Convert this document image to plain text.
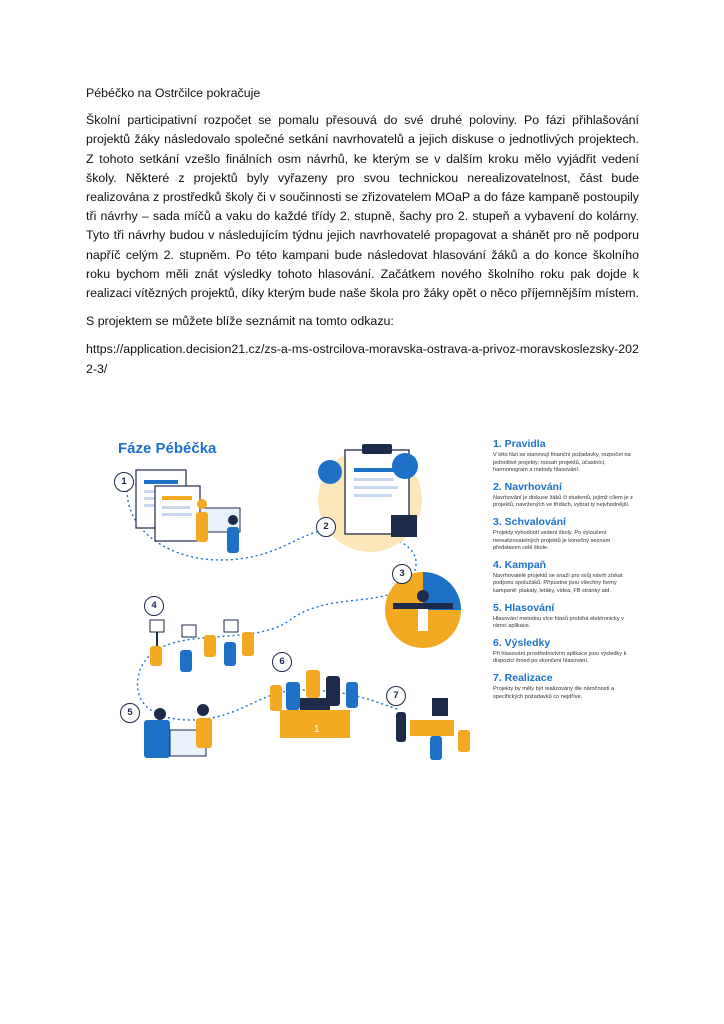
Pébéčko na Ostrčilce pokračuje

Školní participativní rozpočet se pomalu přesouvá do své druhé poloviny. Po fázi přihlašování projektů žáky následovalo společné setkání navrhovatelů a jejich diskuse o jednotlivých projektech. Z tohoto setkání vzešlo finálních osm návrhů, ke kterým se v dalším kroku mělo vyjádřit vedení školy. Některé z projektů byly vyřazeny pro svou technickou nerealizovatelnost, část bude realizována z prostředků školy či v součinnosti se zřizovatelem MOaP a do fáze kampaně postoupily tři návrhy – sada míčů a vaku do každé třídy 2. stupně, šachy pro 2. stupeň a vybavení do kolárny. Tyto tři návrhy budou v následujícím týdnu jejich navrhovatelé propagovat a shánět pro ně podporu napříč celým 2. stupněm. Po této kampani bude následovat hlasování žáků a do konce školního roku bychom měli znát výsledky tohoto hlasování. Začátkem nového školního roku pak dojde k realizaci vítězných projektů, díky kterým bude naše škola pro žáky opět o něco příjemnějším místem.

S projektem se můžete blíže seznámit na tomto odkazu:

https://application.decision21.cz/zs-a-ms-ostrcilova-moravska-ostrava-a-privoz-moravskoslezsky-2022-3/

1
Fáze Pébéčka
1
2
3
4
5
6
7
1. Pravidla
V této fázi se stanovují finanční požadavky, rozpočet na jednotlivé projekty, rozsah projektů, účastníci, harmonogram a metody hlasování.
2. Navrhování
Navrhování je diskuse žáků či studentů, jejímž cílem je z projektů, navržených ve třídách, vybrat ty nejvhodnější.
3. Schvalování
Projekty vyhodnotí vedení školy. Po vyloučení nerealizovatelných projektů je konečný seznam představen celé škole.
4. Kampaň
Navrhovatelé projektů se snaží pro svůj návrh získat podporu spolužáků. Přípustné jsou všechny formy kampaně: plakáty, letáky, videa, FB stránky atd.
5. Hlasování
Hlasování metodou více hlasů probíhá elektronicky v rámci aplikace.
6. Výsledky
Při hlasování prostřednictvím aplikace jsou výsledky k dispozici ihned po skončení hlasování.
7. Realizace
Projekty by měly být realizovány dle náročnosti a specifických požadavků co nejdříve.
